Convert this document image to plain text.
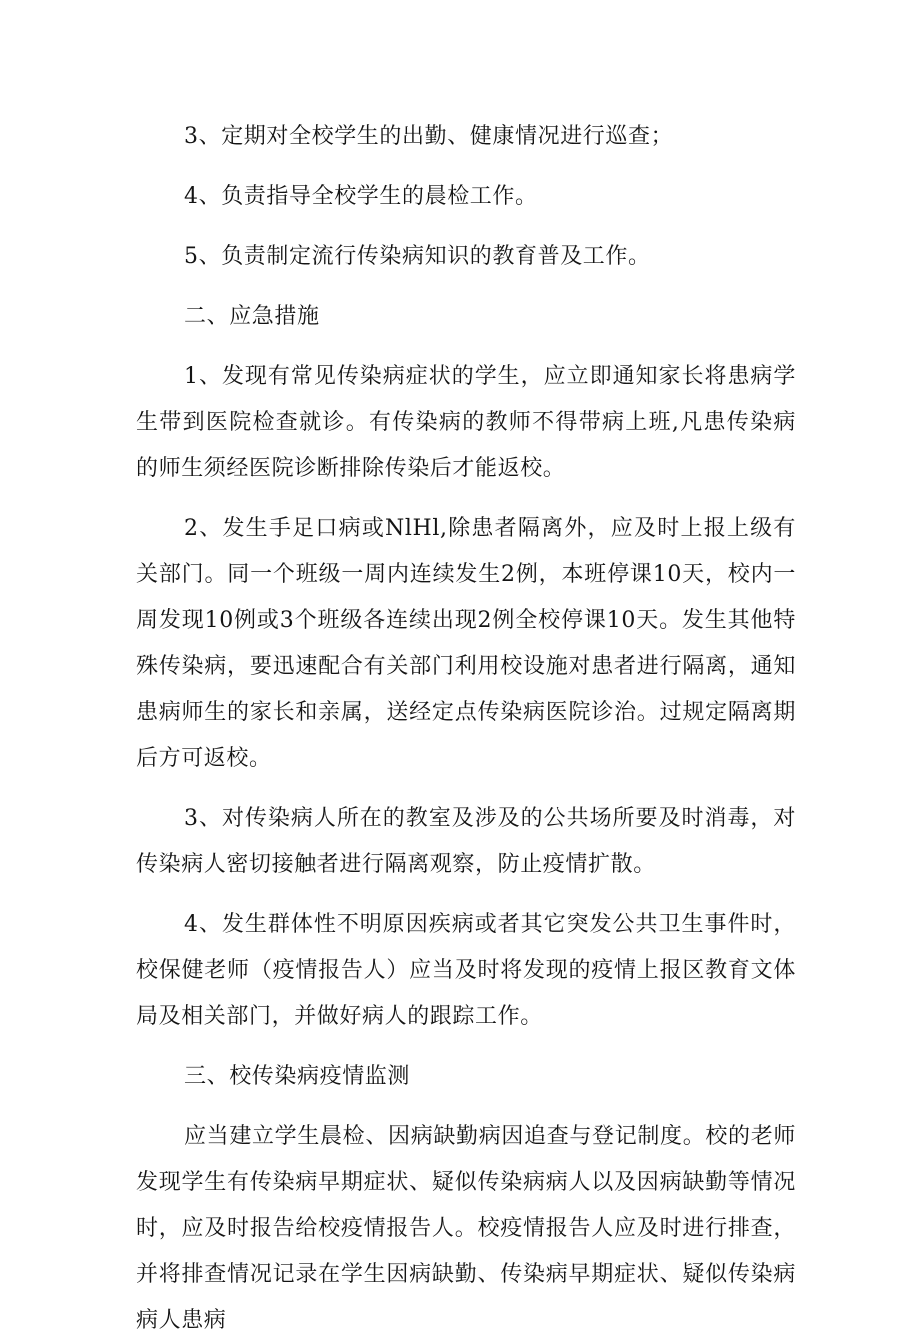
3、定期对全校学生的出勤、健康情况进行巡查；

4、负责指导全校学生的晨检工作。

5、负责制定流行传染病知识的教育普及工作。

二、应急措施

1、发现有常见传染病症状的学生，应立即通知家长将患病学生带到医院检查就诊。有传染病的教师不得带病上班,凡患传染病的师生须经医院诊断排除传染后才能返校。

2、发生手足口病或NlHl,除患者隔离外，应及时上报上级有关部门。同一个班级一周内连续发生2例，本班停课10天，校内一周发现10例或3个班级各连续出现2例全校停课10天。发生其他特殊传染病，要迅速配合有关部门利用校设施对患者进行隔离，通知患病师生的家长和亲属，送经定点传染病医院诊治。过规定隔离期后方可返校。

3、对传染病人所在的教室及涉及的公共场所要及时消毒，对传染病人密切接触者进行隔离观察，防止疫情扩散。

4、发生群体性不明原因疾病或者其它突发公共卫生事件时，校保健老师（疫情报告人）应当及时将发现的疫情上报区教育文体局及相关部门，并做好病人的跟踪工作。

三、校传染病疫情监测

应当建立学生晨检、因病缺勤病因追查与登记制度。校的老师发现学生有传染病早期症状、疑似传染病病人以及因病缺勤等情况时，应及时报告给校疫情报告人。校疫情报告人应及时进行排查，并将排查情况记录在学生因病缺勤、传染病早期症状、疑似传染病病人患病
